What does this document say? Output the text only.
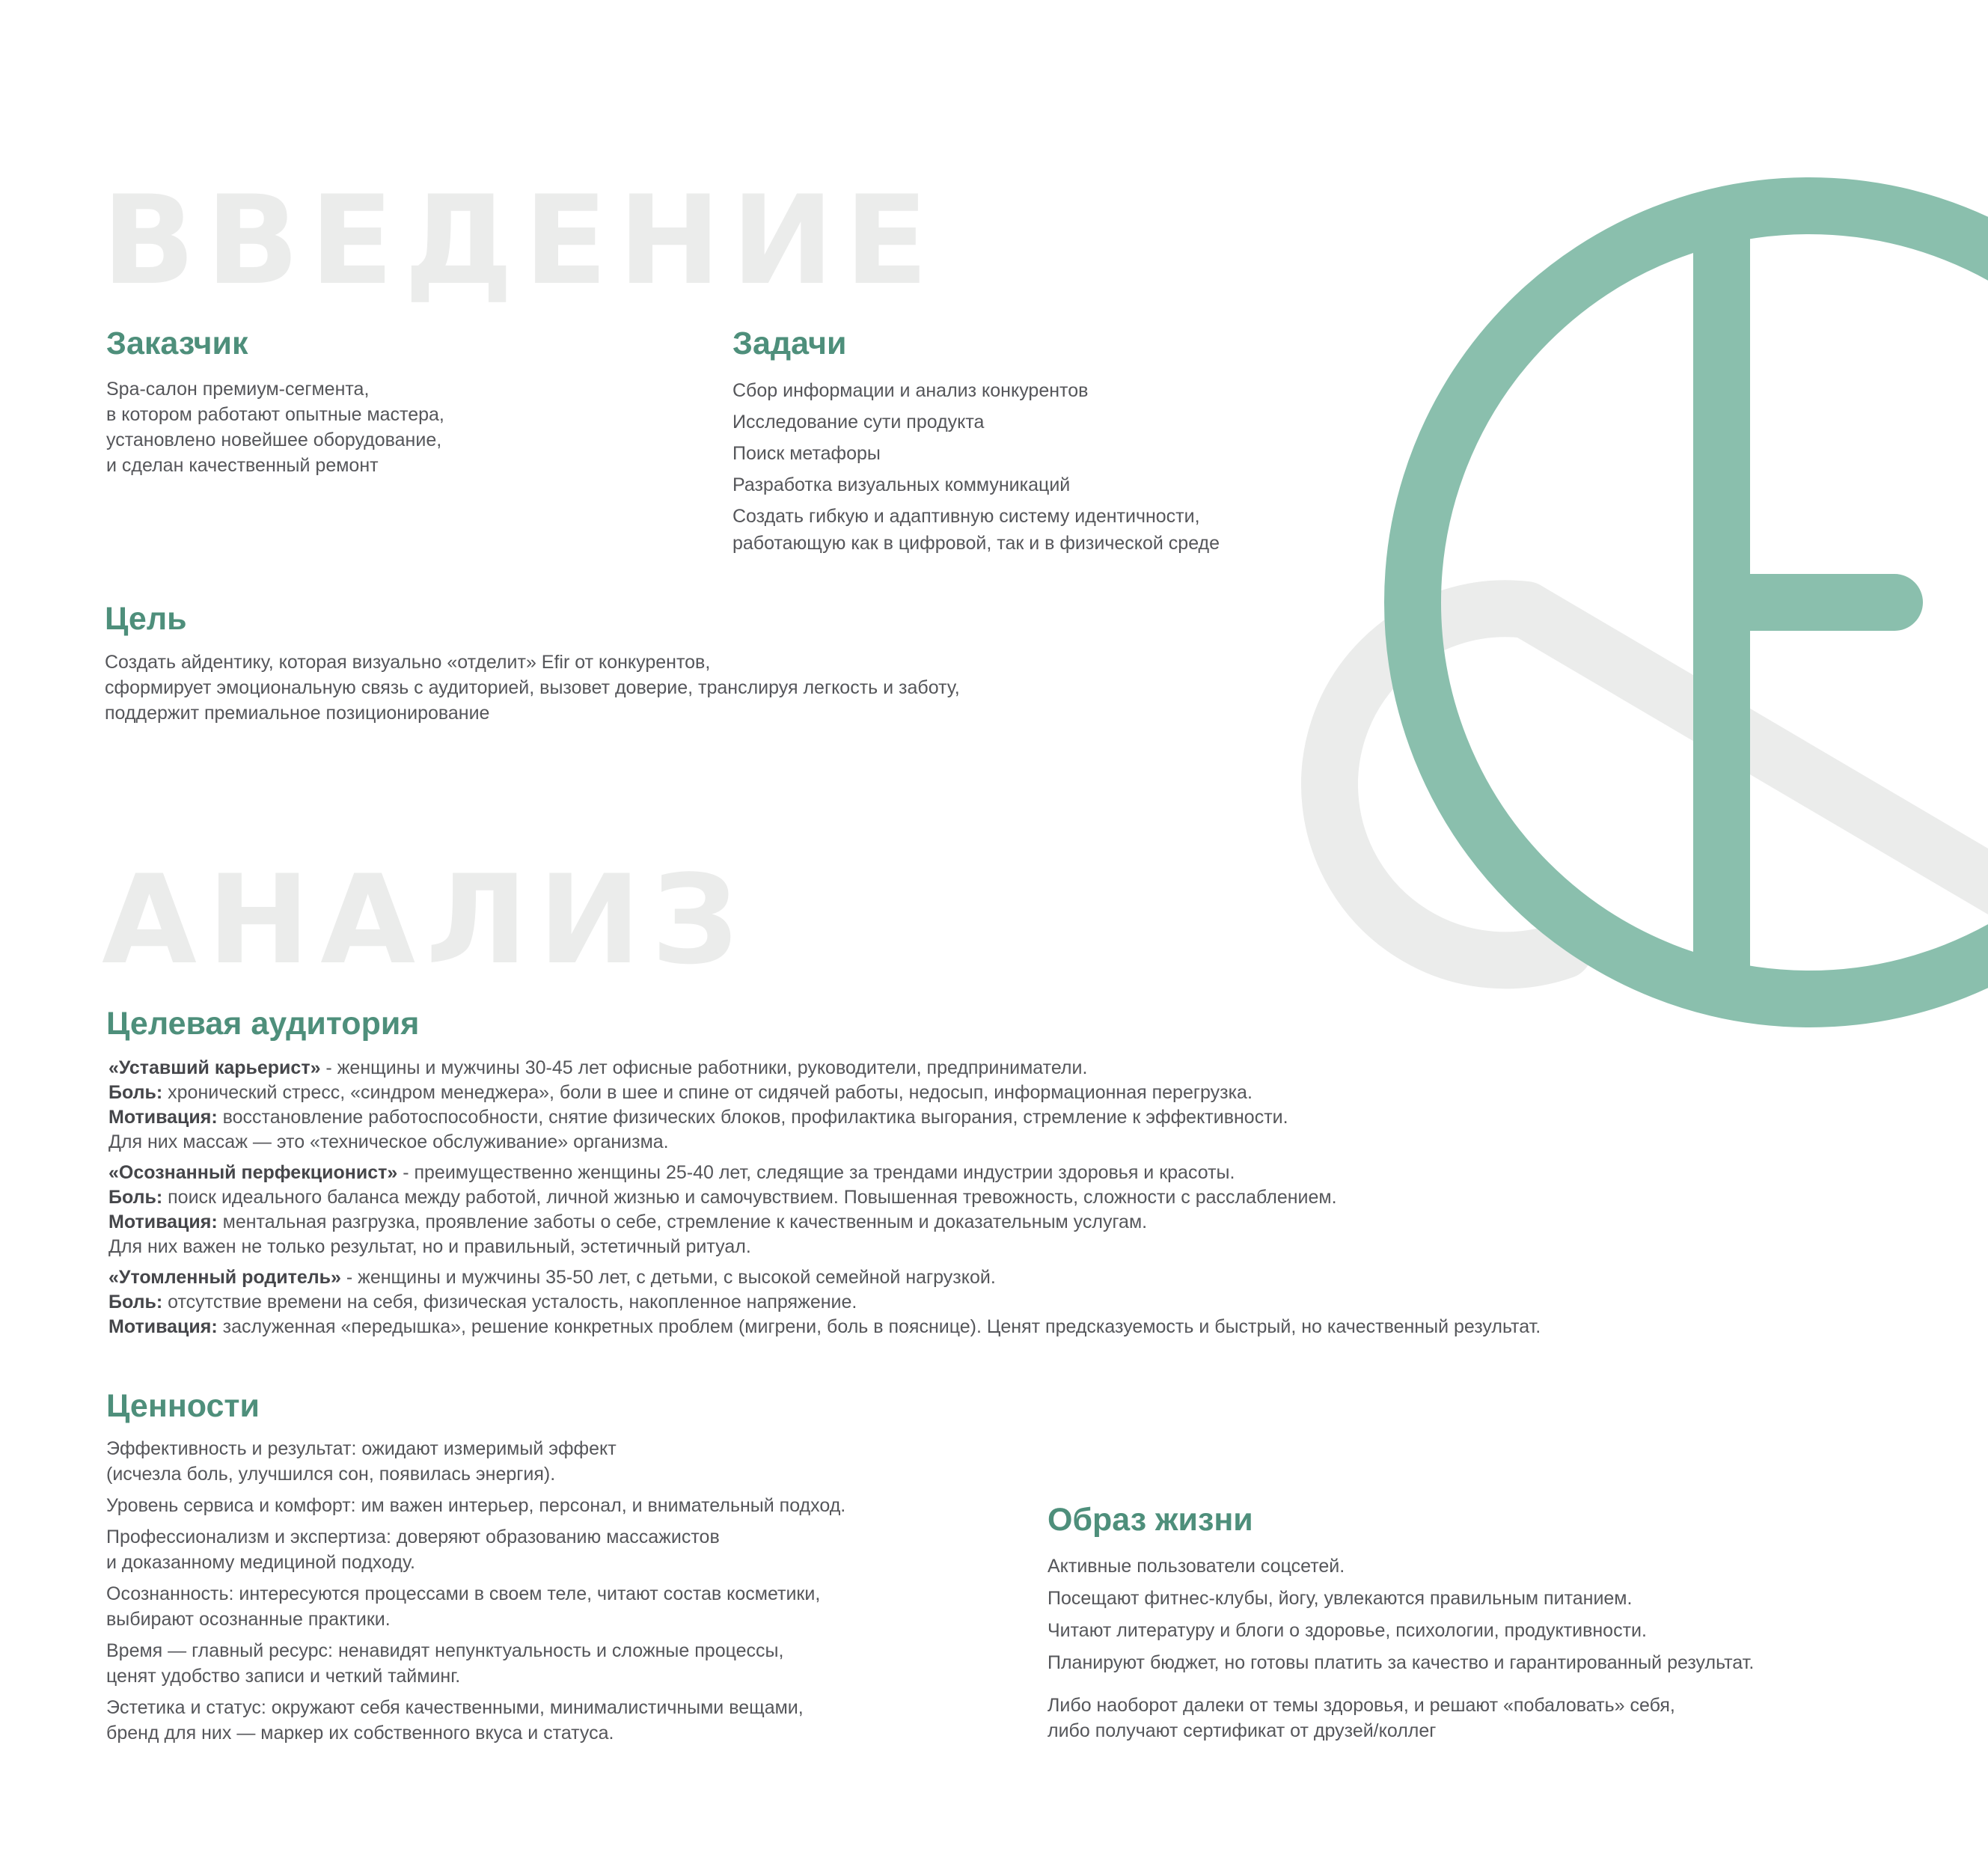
ВВЕДЕНИЕ
Заказчик
Spa-салон премиум-сегмента,
в котором работают опытные мастера,
установлено новейшее оборудование,
и сделан качественный ремонт
Задачи
Сбор информации и анализ конкурентов
Исследование сути продукта
Поиск метафоры
Разработка визуальных коммуникаций
Создать гибкую и адаптивную систему идентичности,
работающую как в цифровой, так и в физической среде
Цель
Создать айдентику, которая визуально «отделит» Efir от конкурентов,
сформирует эмоциональную связь с аудиторией, вызовет доверие, транслируя легкость и заботу,
поддержит премиальное позиционирование
АНАЛИЗ
Целевая аудитория
«Уставший карьерист» - женщины и мужчины 30-45 лет офисные работники, руководители, предприниматели.
Боль: хронический стресс, «синдром менеджера», боли в шее и спине от сидячей работы, недосып, информационная перегрузка.
Мотивация: восстановление работоспособности, снятие физических блоков, профилактика выгорания, стремление к эффективности.
Для них массаж — это «техническое обслуживание» организма.
«Осознанный перфекционист» - преимущественно женщины 25-40 лет, следящие за трендами индустрии здоровья и красоты.
Боль: поиск идеального баланса между работой, личной жизнью и самочувствием. Повышенная тревожность, сложности с расслаблением.
Мотивация: ментальная разгрузка, проявление заботы о себе, стремление к качественным и доказательным услугам.
Для них важен не только результат, но и правильный, эстетичный ритуал.
«Утомленный родитель» - женщины и мужчины 35-50 лет, с детьми, с высокой семейной нагрузкой.
Боль: отсутствие времени на себя, физическая усталость, накопленное напряжение.
Мотивация: заслуженная «передышка», решение конкретных проблем (мигрени, боль в пояснице). Ценят предсказуемость и быстрый, но качественный результат.
Ценности
Эффективность и результат: ожидают измеримый эффект
(исчезла боль, улучшился сон, появилась энергия).
Уровень сервиса и комфорт: им важен интерьер, персонал, и внимательный подход.
Профессионализм и экспертиза: доверяют образованию массажистов
и доказанному медициной подходу.
Осознанность: интересуются процессами в своем теле, читают состав косметики,
выбирают осознанные практики.
Время — главный ресурс: ненавидят непунктуальность и сложные процессы,
ценят удобство записи и четкий тайминг.
Эстетика и статус: окружают себя качественными, минималистичными вещами,
бренд для них — маркер их собственного вкуса и статуса.
Образ жизни
Активные пользователи соцсетей.
Посещают фитнес-клубы, йогу, увлекаются правильным питанием.
Читают литературу и блоги о здоровье, психологии, продуктивности.
Планируют бюджет, но готовы платить за качество и гарантированный результат.
Либо наоборот далеки от темы здоровья, и решают «побаловать» себя,
либо получают сертификат от друзей/коллег
